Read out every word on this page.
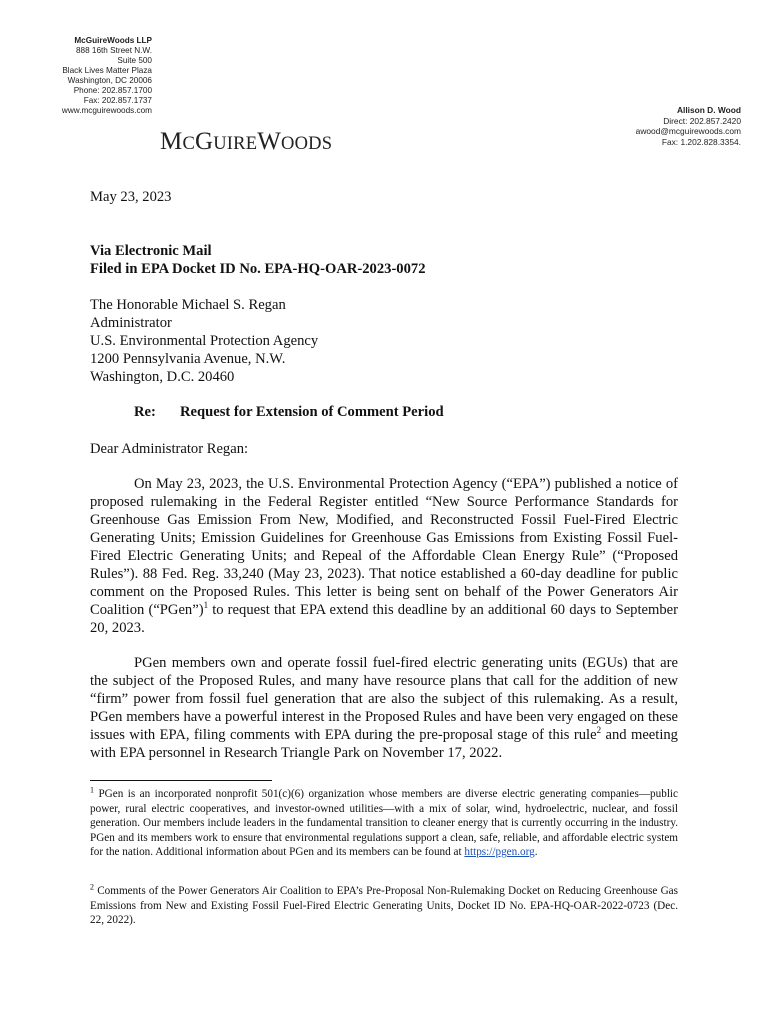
McGuireWoods LLP
888 16th Street N.W.
Suite 500
Black Lives Matter Plaza
Washington, DC 20006
Phone: 202.857.1700
Fax: 202.857.1737
www.mcguirewoods.com
MCGUIREWOODS
Allison D. Wood
Direct: 202.857.2420
awood@mcguirewoods.com
Fax: 1.202.828.3354.
May 23, 2023
Via Electronic Mail
Filed in EPA Docket ID No. EPA-HQ-OAR-2023-0072
The Honorable Michael S. Regan
Administrator
U.S. Environmental Protection Agency
1200 Pennsylvania Avenue, N.W.
Washington, D.C. 20460
Re: Request for Extension of Comment Period
Dear Administrator Regan:

On May 23, 2023, the U.S. Environmental Protection Agency (“EPA”) published a notice of proposed rulemaking in the Federal Register entitled “New Source Performance Standards for Greenhouse Gas Emission From New, Modified, and Reconstructed Fossil Fuel-Fired Electric Generating Units; Emission Guidelines for Greenhouse Gas Emissions from Existing Fossil Fuel-Fired Electric Generating Units; and Repeal of the Affordable Clean Energy Rule” (“Proposed Rules”). 88 Fed. Reg. 33,240 (May 23, 2023). That notice established a 60-day deadline for public comment on the Proposed Rules. This letter is being sent on behalf of the Power Generators Air Coalition (“PGen”)$^1$ to request that EPA extend this deadline by an additional 60 days to September 20, 2023.

PGen members own and operate fossil fuel-fired electric generating units (EGUs) that are the subject of the Proposed Rules, and many have resource plans that call for the addition of new “firm” power from fossil fuel generation that are also the subject of this rulemaking. As a result, PGen members have a powerful interest in the Proposed Rules and have been very engaged on these issues with EPA, filing comments with EPA during the pre-proposal stage of this rule$^2$ and meeting with EPA personnel in Research Triangle Park on November 17, 2022.

$^1$ PGen is an incorporated nonprofit 501(c)(6) organization whose members are diverse electric generating companies—public power, rural electric cooperatives, and investor-owned utilities—with a mix of solar, wind, hydroelectric, nuclear, and fossil generation. Our members include leaders in the fundamental transition to cleaner energy that is currently occurring in the industry. PGen and its members work to ensure that environmental regulations support a clean, safe, reliable, and affordable electric system for the nation. Additional information about PGen and its members can be found at https://pgen.org.
$^2$ Comments of the Power Generators Air Coalition to EPA’s Pre-Proposal Non-Rulemaking Docket on Reducing Greenhouse Gas Emissions from New and Existing Fossil Fuel-Fired Electric Generating Units, Docket ID No. EPA-HQ-OAR-2022-0723 (Dec. 22, 2022).
